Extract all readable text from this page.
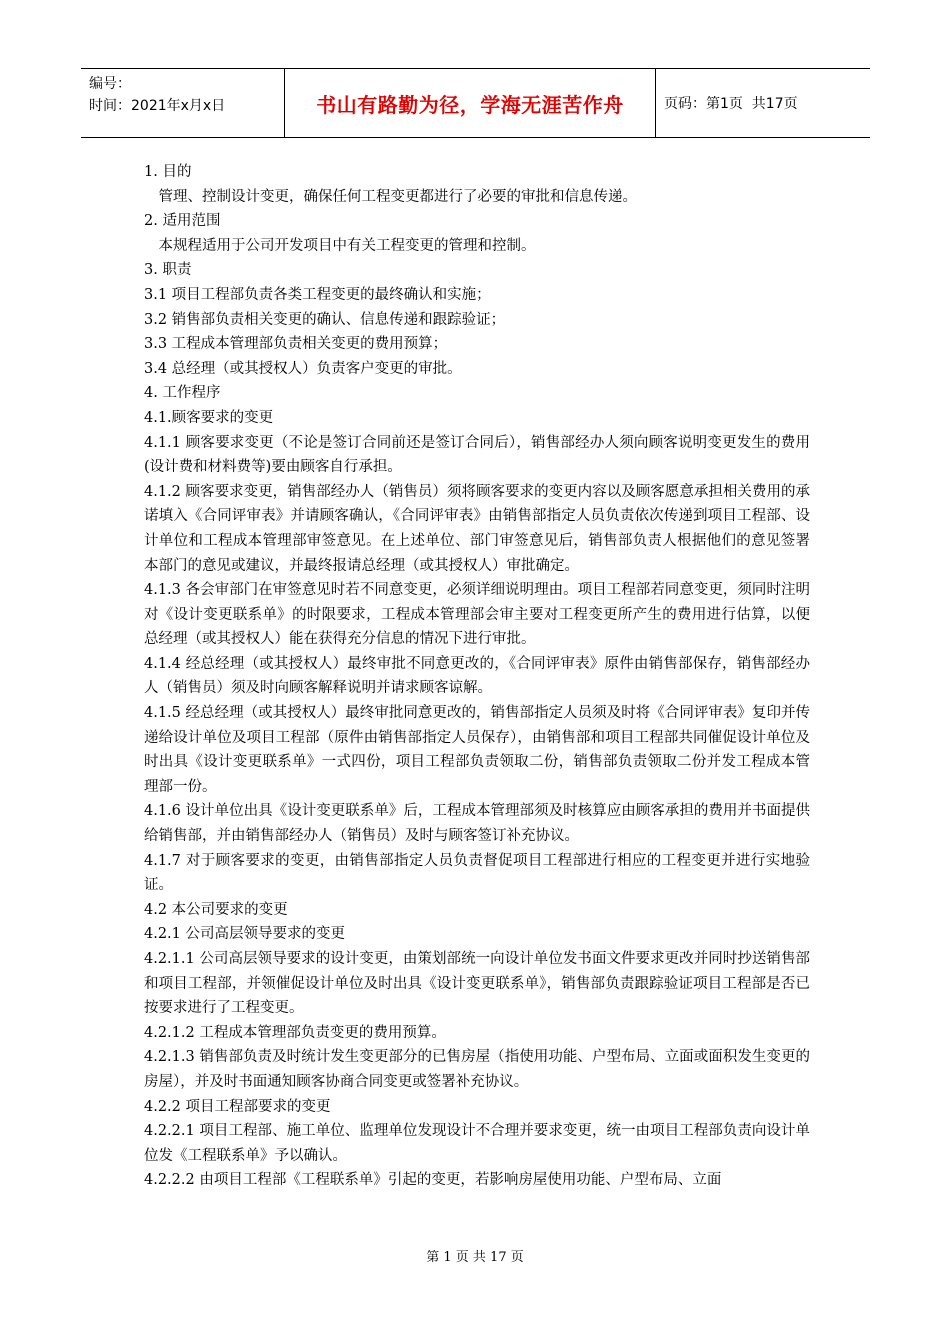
编号：
时间：2021年x月x日	书山有路勤为径，学海无涯苦作舟	页码：第1页  共17页

1. 目的

　管理、控制设计变更，确保任何工程变更都进行了必要的审批和信息传递。

2. 适用范围

　本规程适用于公司开发项目中有关工程变更的管理和控制。

3. 职责

3.1 项目工程部负责各类工程变更的最终确认和实施；

3.2 销售部负责相关变更的确认、信息传递和跟踪验证；

3.3 工程成本管理部负责相关变更的费用预算；

3.4 总经理（或其授权人）负责客户变更的审批。

4. 工作程序

4.1.顾客要求的变更

4.1.1 顾客要求变更（不论是签订合同前还是签订合同后），销售部经办人须向顾客说明变更发生的费用(设计费和材料费等)要由顾客自行承担。

4.1.2 顾客要求变更，销售部经办人（销售员）须将顾客要求的变更内容以及顾客愿意承担相关费用的承诺填入《合同评审表》并请顾客确认，《合同评审表》由销售部指定人员负责依次传递到项目工程部、设计单位和工程成本管理部审签意见。在上述单位、部门审签意见后，销售部负责人根据他们的意见签署本部门的意见或建议，并最终报请总经理（或其授权人）审批确定。

4.1.3 各会审部门在审签意见时若不同意变更，必须详细说明理由。项目工程部若同意变更，须同时注明对《设计变更联系单》的时限要求，工程成本管理部会审主要对工程变更所产生的费用进行估算，以便总经理（或其授权人）能在获得充分信息的情况下进行审批。

4.1.4 经总经理（或其授权人）最终审批不同意更改的，《合同评审表》原件由销售部保存，销售部经办人（销售员）须及时向顾客解释说明并请求顾客谅解。

4.1.5 经总经理（或其授权人）最终审批同意更改的，销售部指定人员须及时将《合同评审表》复印并传递给设计单位及项目工程部（原件由销售部指定人员保存），由销售部和项目工程部共同催促设计单位及时出具《设计变更联系单》一式四份，项目工程部负责领取二份，销售部负责领取二份并发工程成本管理部一份。

4.1.6 设计单位出具《设计变更联系单》后，工程成本管理部须及时核算应由顾客承担的费用并书面提供给销售部，并由销售部经办人（销售员）及时与顾客签订补充协议。

4.1.7 对于顾客要求的变更，由销售部指定人员负责督促项目工程部进行相应的工程变更并进行实地验证。

4.2 本公司要求的变更

4.2.1 公司高层领导要求的变更

4.2.1.1 公司高层领导要求的设计变更，由策划部统一向设计单位发书面文件要求更改并同时抄送销售部和项目工程部，并领催促设计单位及时出具《设计变更联系单》，销售部负责跟踪验证项目工程部是否已按要求进行了工程变更。

4.2.1.2 工程成本管理部负责变更的费用预算。

4.2.1.3 销售部负责及时统计发生变更部分的已售房屋（指使用功能、户型布局、立面或面积发生变更的房屋），并及时书面通知顾客协商合同变更或签署补充协议。

4.2.2 项目工程部要求的变更

4.2.2.1 项目工程部、施工单位、监理单位发现设计不合理并要求变更，统一由项目工程部负责向设计单位发《工程联系单》予以确认。

4.2.2.2 由项目工程部《工程联系单》引起的变更，若影响房屋使用功能、户型布局、立面

第 1 页 共 17 页
